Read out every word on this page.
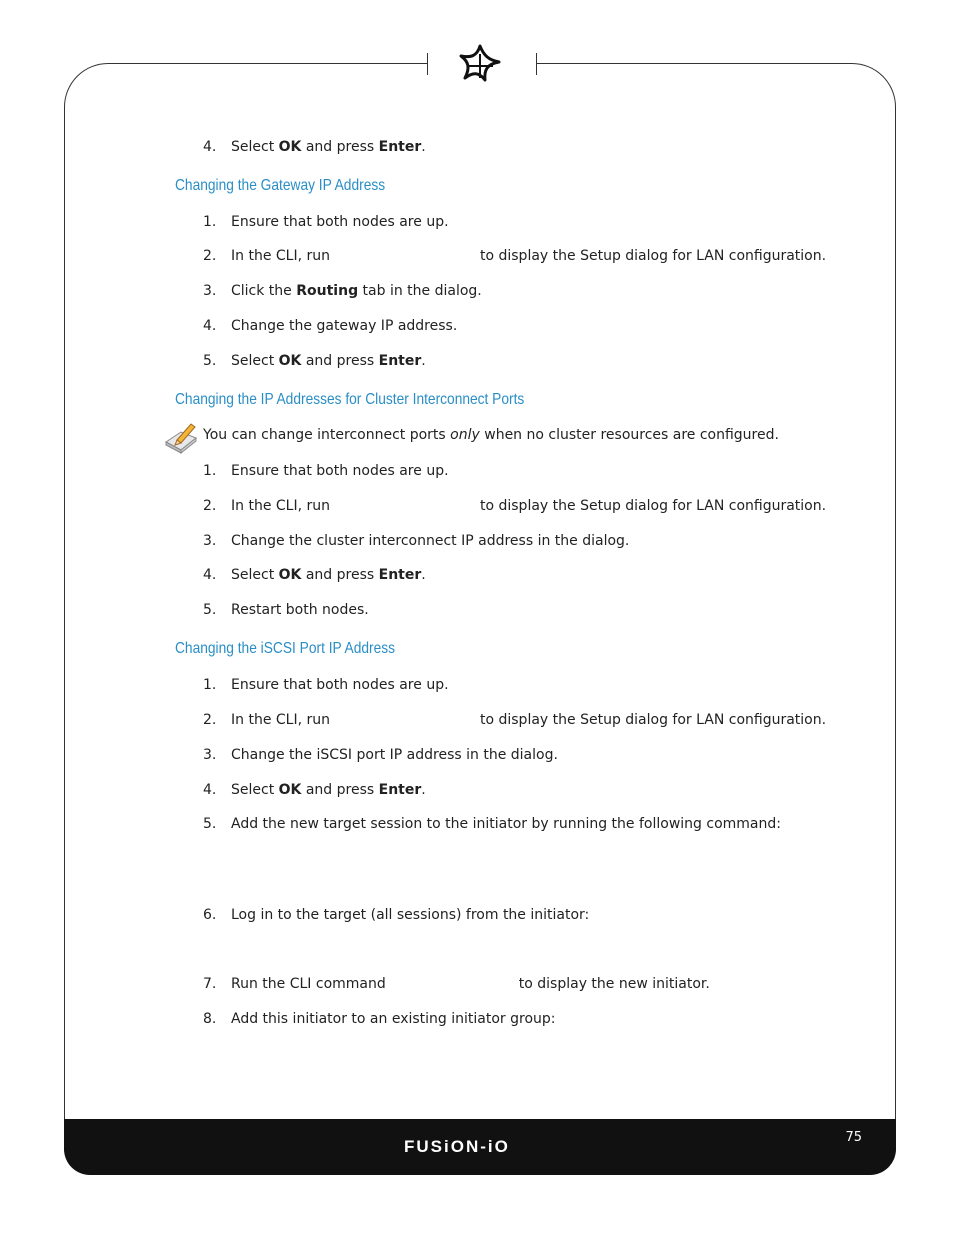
4. Select OK and press Enter.
Changing the Gateway IP Address
1. Ensure that both nodes are up.
2. In the CLI, run	to display the Setup dialog for LAN configuration.
3. Click the Routing tab in the dialog.
4. Change the gateway IP address.
5. Select OK and press Enter.
Changing the IP Addresses for Cluster Interconnect Ports
You can change interconnect ports only when no cluster resources are configured.
1. Ensure that both nodes are up.
2. In the CLI, run	to display the Setup dialog for LAN configuration.
3. Change the cluster interconnect IP address in the dialog.
4. Select OK and press Enter.
5. Restart both nodes.
Changing the iSCSI Port IP Address
1. Ensure that both nodes are up.
2. In the CLI, run	to display the Setup dialog for LAN configuration.
3. Change the iSCSI port IP address in the dialog.
4. Select OK and press Enter.
5. Add the new target session to the initiator by running the following command:
6. Log in to the target (all sessions) from the initiator:
7. Run the CLI command	to display the new initiator.
8. Add this initiator to an existing initiator group:
FUSiON-iO	75
